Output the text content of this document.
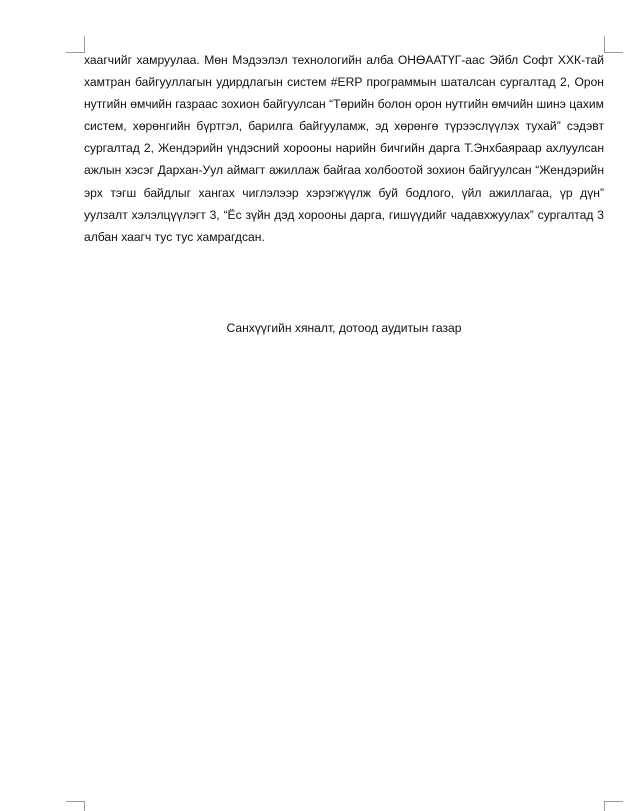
хаагчийг хамруулаа. Мөн Мэдээлэл технологийн алба ОНӨААТҮГ-аас Эйбл Софт ХХК-тай хамтран байгууллагын удирдлагын систем #ERP программын шаталсан сургалтад 2, Орон нутгийн өмчийн газраас зохион байгуулсан “Төрийн болон орон нутгийн өмчийн шинэ цахим систем, хөрөнгийн бүртгэл, барилга байгууламж, эд хөрөнгө түрээслүүлэх тухай” сэдэвт сургалтад 2, Жендэрийн үндэсний хорооны нарийн бичгийн дарга Т.Энхбаяраар ахлуулсан ажлын хэсэг Дархан-Уул аймагт ажиллаж байгаа холбоотой зохион байгуулсан “Жендэрийн эрх тэгш байдлыг хангах чиглэлээр хэрэгжүүлж буй бодлого, үйл ажиллагаа, үр дүн” уулзалт хэлэлцүүлэгт 3, “Ёс зүйн дэд хорооны дарга, гишүүдийг чадавхжуулах” сургалтад 3 албан хаагч тус тус хамрагдсан.

Санхүүгийн хяналт, дотоод аудитын газар
